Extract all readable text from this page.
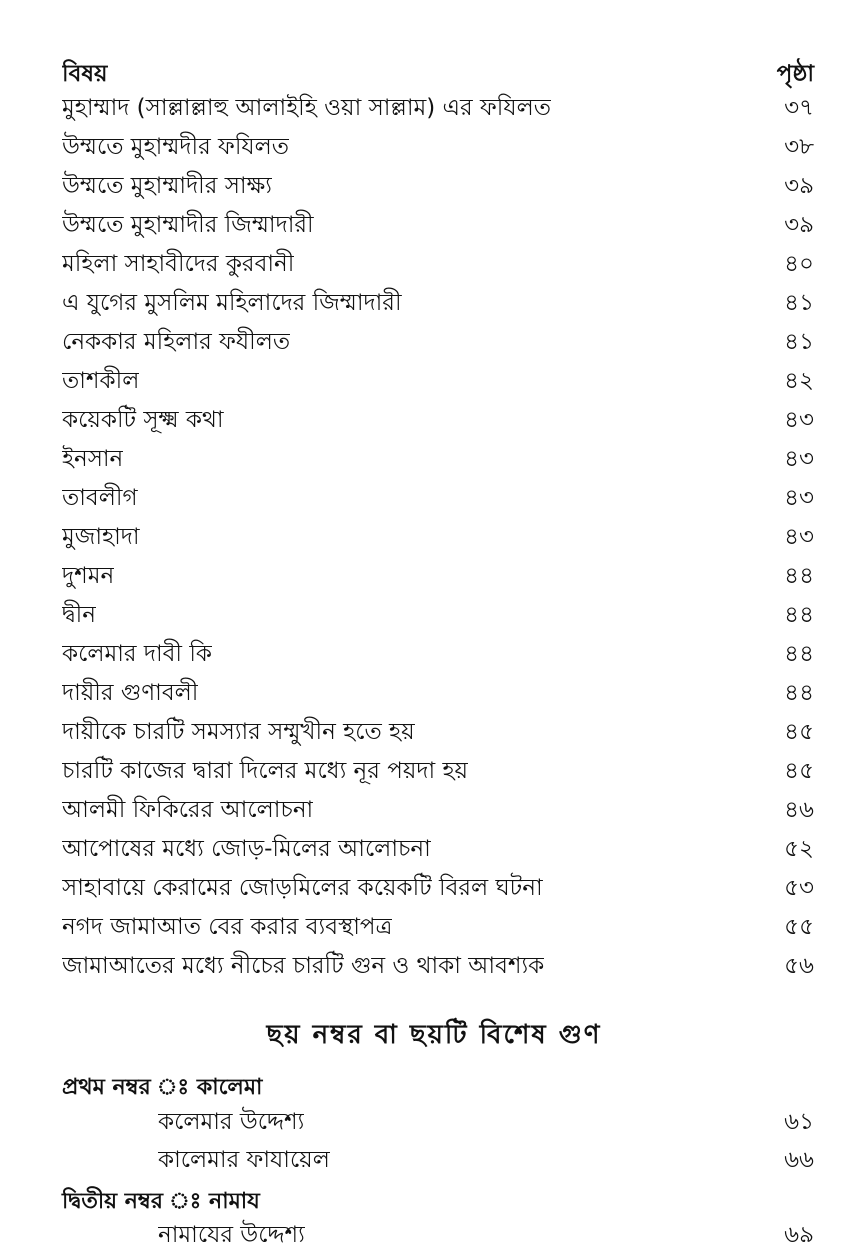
বিষয়	পৃষ্ঠা
মুহাম্মাদ (সাল্লাল্লাহু আলাইহি ওয়া সাল্লাম) এর ফযিলত	৩৭
উম্মতে মুহাম্মদীর ফযিলত	৩৮
উম্মতে মুহাম্মাদীর সাক্ষ্য	৩৯
উম্মতে মুহাম্মাদীর জিম্মাদারী	৩৯
মহিলা সাহাবীদের কুরবানী	৪০
এ যুগের মুসলিম মহিলাদের জিম্মাদারী	৪১
নেককার মহিলার ফযীলত	৪১
তাশকীল	৪২
কয়েকটি সূক্ষ্ম কথা	৪৩
ইনসান	৪৩
তাবলীগ	৪৩
মুজাহাদা	৪৩
দুশমন	৪৪
দ্বীন	৪৪
কলেমার দাবী কি	৪৪
দায়ীর গুণাবলী	৪৪
দায়ীকে চারটি সমস্যার সম্মুখীন হতে হয়	৪৫
চারটি কাজের দ্বারা দিলের মধ্যে নূর পয়দা হয়	৪৫
আলমী ফিকিরের আলোচনা	৪৬
আপোষের মধ্যে জোড়-মিলের আলোচনা	৫২
সাহাবায়ে কেরামের জোড়মিলের কয়েকটি বিরল ঘটনা	৫৩
নগদ জামাআত বের করার ব্যবস্থাপত্র	৫৫
জামাআতের মধ্যে নীচের চারটি গুন ও থাকা আবশ্যক	৫৬
ছয় নম্বর বা ছয়টি বিশেষ গুণ
প্রথম নম্বর ঃ কালেমা
কলেমার উদ্দেশ্য	৬১
কালেমার ফাযায়েল	৬৬
দ্বিতীয় নম্বর ঃ নামায
নামাযের উদ্দেশ্য	৬৯
